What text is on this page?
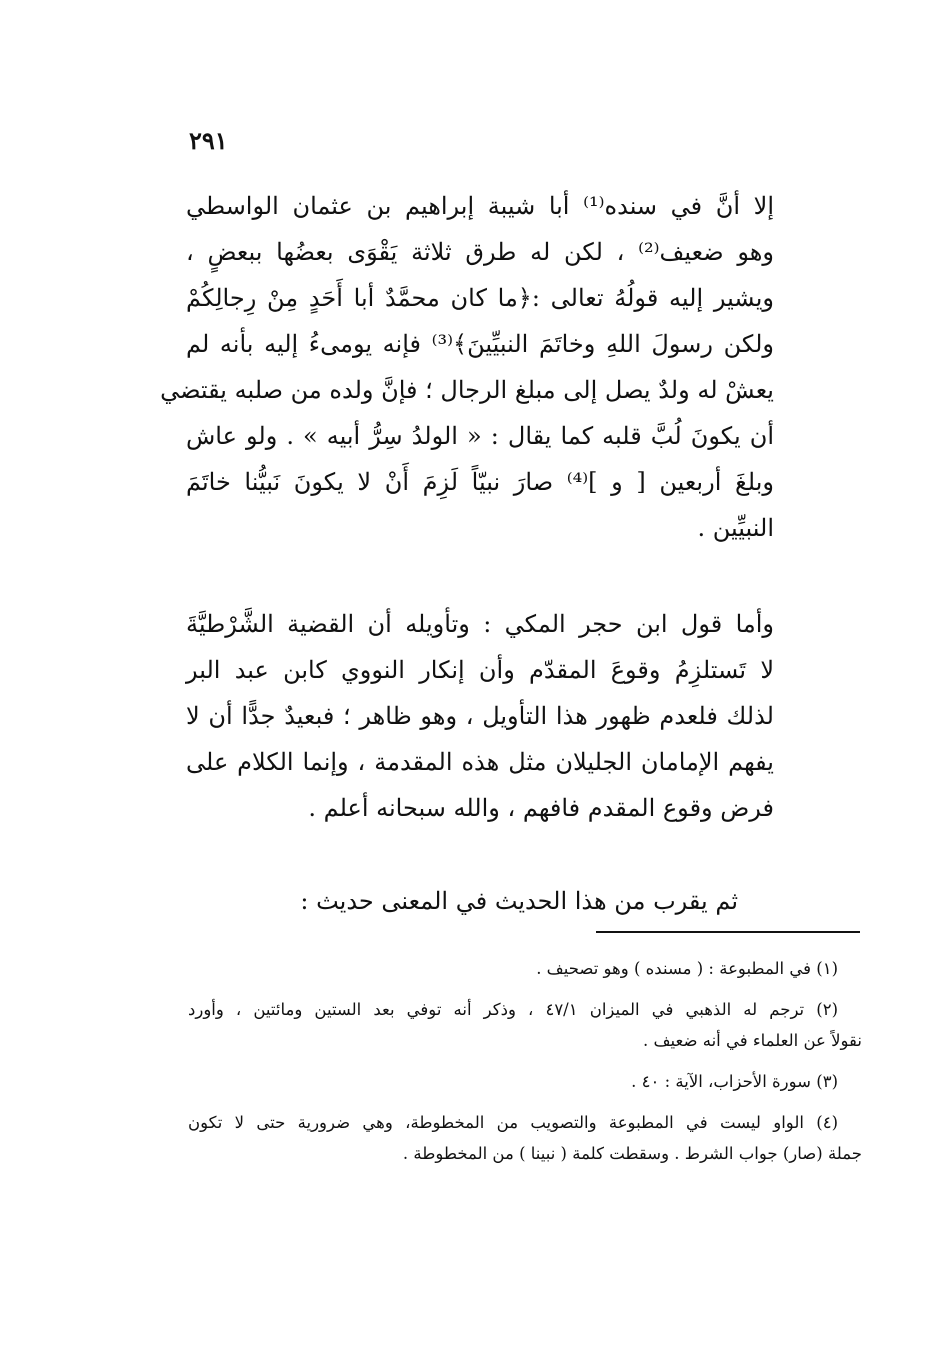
٢٩١
إلا أنَّ في سنده⁽¹⁾ أبا شيبة إبراهيم بن عثمان الواسطي
وهو ضعيف⁽²⁾ ، لكن له طرق ثلاثة يَقْوَى بعضُها ببعضٍ ،
ويشير إليه قولُهُ تعالى :﴿ما كان محمَّدٌ أبا أَحَدٍ مِنْ رِجالِكُمْ
ولكن رسولَ اللهِ وخاتَمَ النبيِّينَ﴾⁽³⁾ فإنه يومىءُ إليه بأنه لم
يعشْ له ولدٌ يصل إلى مبلغ الرجال ؛ فإنَّ ولده من صلبه يقتضي
أن يكونَ لُبَّ قلبه كما يقال : « الولدُ سِرُّ أبيه » . ولو عاش
وبلغَ أربعين [ و ]⁽⁴⁾ صارَ نبيّاً لَزِمَ أَنْ لا يكونَ نَبيُّنا خاتَمَ
النبيِّين .
وأما قول ابن حجر المكي : وتأويله أن القضية الشَّرْطيَّةَ
لا تَستلزِمُ وقوعَ المقدّم وأن إنكار النووي كابن عبد البر
لذلك فلعدم ظهور هذا التأويل ، وهو ظاهر ؛ فبعيدٌ جدًّا أن لا
يفهم الإمامان الجليلان مثل هذه المقدمة ، وإنما الكلام على
فرض وقوع المقدم فافهم ، والله سبحانه أعلم .
ثم يقرب من هذا الحديث في المعنى حديث :
(١) في المطبوعة : ( مسنده ) وهو تصحيف .
(٢) ترجم له الذهبي في الميزان ٤٧/١ ، وذكر أنه توفي بعد الستين ومائتين ، وأورد
نقولاً عن العلماء في أنه ضعيف .
(٣) سورة الأحزاب، الآية : ٤٠ .
(٤) الواو ليست في المطبوعة والتصويب من المخطوطة، وهي ضرورية حتى لا تكون
جملة (صار) جواب الشرط . وسقطت كلمة ( نبينا ) من المخطوطة .
